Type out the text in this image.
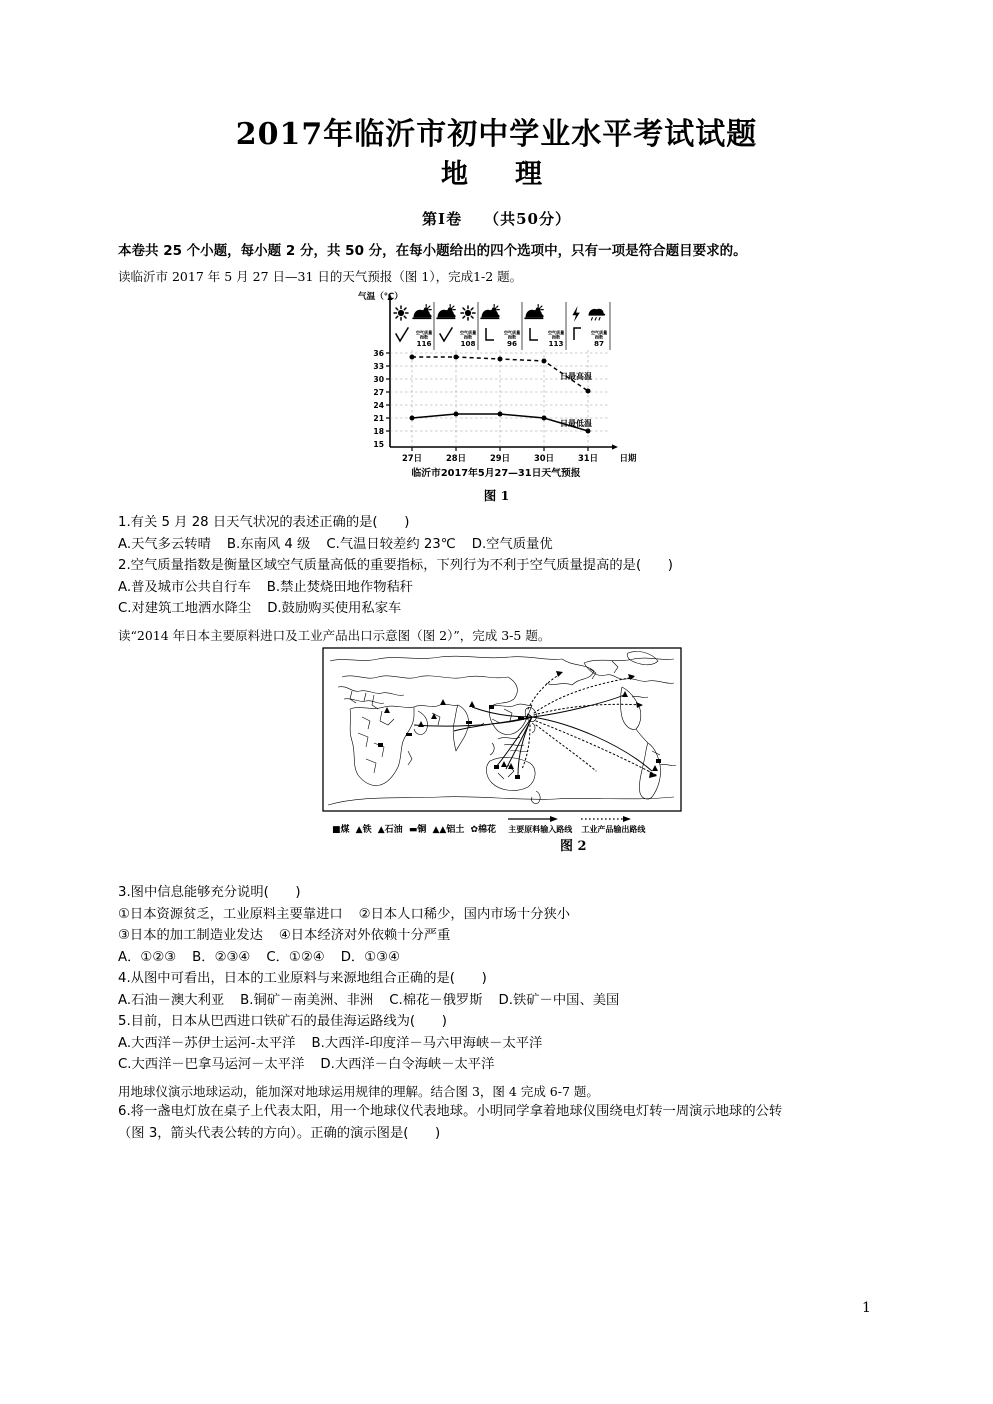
2017年临沂市初中学业水平考试试题
地　理
第Ⅰ卷 （共50分）

本卷共 25 个小题，每小题 2 分，共 50 分，在每小题给出的四个选项中，只有一项是符合题目要求的。

读临沂市 2017 年 5 月 27 日—31 日的天气预报（图 1），完成1-2 题。

气温（℃）
36
33
30
27
24
21
18
15
空气质量
指数
116
空气质量
指数
108
空气质量
指数
96
空气质量
指数
113
空气质量
指数
87
日最高温
日最低温
27日	28日	29日	30日	31日	日期
临沂市2017年5月27—31日天气预报
图 1

1.有关 5 月 28 日天气状况的表述正确的是(　　)

A.天气多云转晴 B.东南风 4 级 C.气温日较差约 23℃ D.空气质量优

2.空气质量指数是衡量区域空气质量高低的重要指标，下列行为不利于空气质量提高的是(　　)

A.普及城市公共自行车 B.禁止焚烧田地作物秸秆

C.对建筑工地洒水降尘 D.鼓励购买使用私家车

读“2014 年日本主要原料进口及工业产品出口示意图（图 2）”，完成 3-5 题。

■煤 ▲铁 ▲石油 ▬铜 ▲▲铝土 ✿棉花 主要原料输入路线 工业产品输出路线
图 2

3.图中信息能够充分说明(　　)

①日本资源贫乏，工业原料主要靠进口 ②日本人口稀少，国内市场十分狭小

③日本的加工制造业发达 ④日本经济对外依赖十分严重

A．①②③ B．②③④ C．①②④ D．①③④

4.从图中可看出，日本的工业原料与来源地组合正确的是(　　)

A.石油－澳大利亚 B.铜矿－南美洲、非洲 C.棉花－俄罗斯 D.铁矿－中国、美国

5.目前，日本从巴西进口铁矿石的最佳海运路线为(　　)

A.大西洋－苏伊士运河-太平洋 B.大西洋-印度洋－马六甲海峡－太平洋

C.大西洋－巴拿马运河－太平洋 D.大西洋－白令海峡－太平洋

用地球仪演示地球运动，能加深对地球运用规律的理解。结合图 3，图 4 完成 6-7 题。

6.将一盏电灯放在桌子上代表太阳，用一个地球仪代表地球。小明同学拿着地球仪围绕电灯转一周演示地球的公转

（图 3，箭头代表公转的方向）。正确的演示图是(　　)

1
